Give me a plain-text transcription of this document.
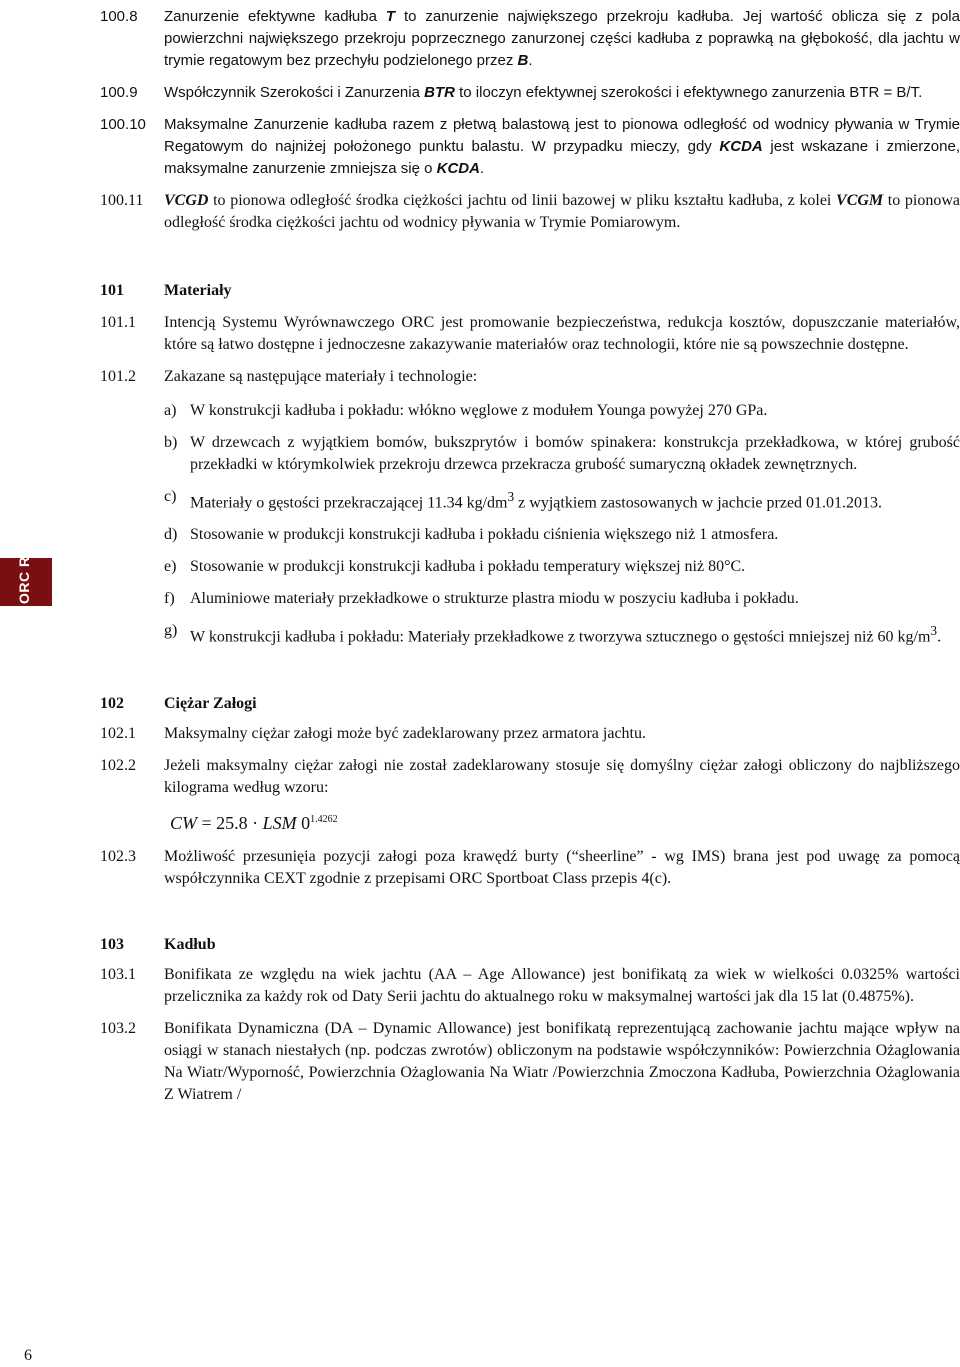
ORC RATING SYSTEMS

100.8 Zanurzenie efektywne kadłuba T to zanurzenie największego przekroju kadłuba. Jej wartość oblicza się z pola powierzchni największego przekroju poprzecznego zanurzonej części kadłuba z poprawką na głębokość, dla jachtu w trymie regatowym bez przechyłu podzielonego przez B.

100.9 Współczynnik Szerokości i Zanurzenia BTR to iloczyn efektywnej szerokości i efektywnego zanurzenia BTR = B/T.

100.10 Maksymalne Zanurzenie kadłuba razem z płetwą balastową jest to pionowa odległość od wodnicy pływania w Trymie Regatowym do najniżej położonego punktu balastu. W przypadku mieczy, gdy KCDA jest wskazane i zmierzone, maksymalne zanurzenie zmniejsza się o KCDA.

100.11 VCGD to pionowa odległość środka ciężkości jachtu od linii bazowej w pliku kształtu kadłuba, z kolei VCGM to pionowa odległość środka ciężkości jachtu od wodnicy pływania w Trymie Pomiarowym.

101	Materiały

101.1 Intencją Systemu Wyrównawczego ORC jest promowanie bezpieczeństwa, redukcja kosztów, dopuszczanie materiałów, które są łatwo dostępne i jednoczesne zakazywanie materiałów oraz technologii, które nie są powszechnie dostępne.

101.2 Zakazane są następujące materiały i technologie:

a) W konstrukcji kadłuba i pokładu: włókno węglowe z modułem Younga powyżej 270 GPa.
b) W drzewcach z wyjątkiem bomów, bukszprytów i bomów spinakera: konstrukcja przekładkowa, w której grubość przekładki w którymkolwiek przekroju drzewca przekracza grubość sumaryczną okładek zewnętrznych.
c) Materiały o gęstości przekraczającej 11.34 $kg/dm^3$ z wyjątkiem zastosowanych w jachcie przed 01.01.2013.
d) Stosowanie w produkcji konstrukcji kadłuba i pokładu ciśnienia większego niż 1 atmosfera.
e) Stosowanie w produkcji konstrukcji kadłuba i pokładu temperatury większej niż 80°C.
f) Aluminiowe materiały przekładkowe o strukturze plastra miodu w poszyciu kadłuba i pokładu.
g) W konstrukcji kadłuba i pokładu: Materiały przekładkowe z tworzywa sztucznego o gęstości mniejszej niż 60 $kg/m^3$.

102	Ciężar Załogi

102.1 Maksymalny ciężar załogi może być zadeklarowany przez armatora jachtu.

102.2 Jeżeli maksymalny ciężar załogi nie został zadeklarowany stosuje się domyślny ciężar załogi obliczony do najbliższego kilograma według wzoru:

CW = 25.8 · LSM $0^{1.4262}$

102.3 Możliwość przesunięia pozycji załogi poza krawędź burty (“sheerline” - wg IMS) brana jest pod uwagę za pomocą współczynnika CEXT zgodnie z przepisami ORC Sportboat Class przepis 4(c).

103	Kadłub

103.1 Bonifikata ze względu na wiek jachtu (AA – Age Allowance) jest bonifikatą za wiek w wielkości 0.0325% wartości przelicznika za każdy rok od Daty Serii jachtu do aktualnego roku w maksymalnej wartości jak dla 15 lat (0.4875%).

103.2 Bonifikata Dynamiczna (DA – Dynamic Allowance) jest bonifikatą reprezentującą zachowanie jachtu mające wpływ na osiągi w stanach niestałych (np. podczas zwrotów) obliczonym na podstawie współczynników: Powierzchnia Ożaglowania Na Wiatr/Wyporność, Powierzchnia Ożaglowania Na Wiatr /Powierzchnia Zmoczona Kadłuba, Powierzchnia Ożaglowania Z Wiatrem /

6
